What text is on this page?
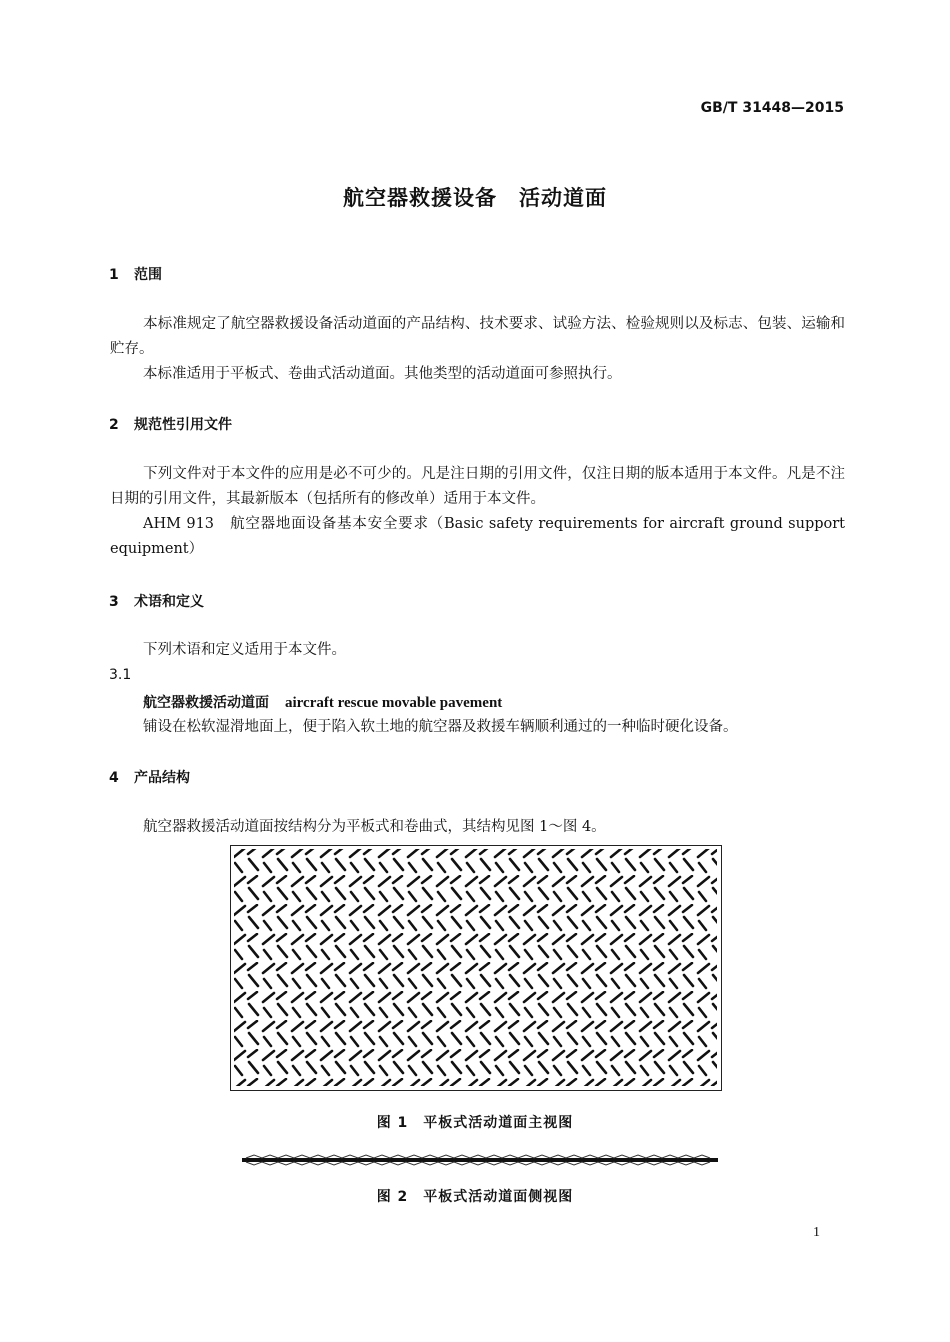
GB/T 31448—2015
航空器救援设备　活动道面
1 范围
本标准规定了航空器救援设备活动道面的产品结构、技术要求、试验方法、检验规则以及标志、包装、运输和贮存。
本标准适用于平板式、卷曲式活动道面。其他类型的活动道面可参照执行。
2 规范性引用文件
下列文件对于本文件的应用是必不可少的。凡是注日期的引用文件，仅注日期的版本适用于本文件。凡是不注日期的引用文件，其最新版本（包括所有的修改单）适用于本文件。
AHM 913　航空器地面设备基本安全要求（Basic safety requirements for aircraft ground support equipment）
3 术语和定义
下列术语和定义适用于本文件。
3.1
航空器救援活动道面 aircraft rescue movable pavement
铺设在松软湿滑地面上，便于陷入软土地的航空器及救援车辆顺利通过的一种临时硬化设备。
4 产品结构
航空器救援活动道面按结构分为平板式和卷曲式，其结构见图 1～图 4。
图 1　平板式活动道面主视图
图 2　平板式活动道面侧视图
1
